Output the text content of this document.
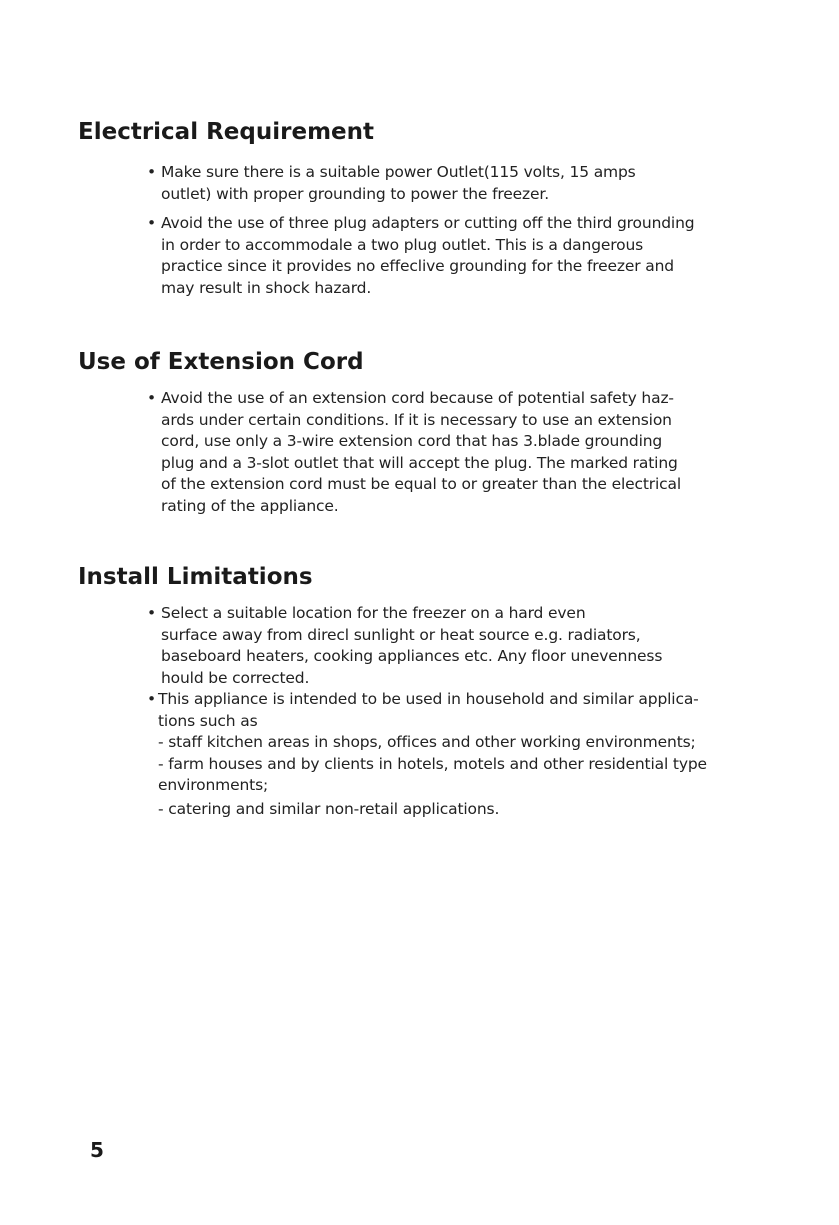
Electrical Requirement
• Make sure there is a suitable power Outlet(115 volts, 15 amps
outlet) with proper grounding to power the freezer.
• Avoid the use of three plug adapters or cutting off the third grounding
in order to accommodale a two plug outlet. This is a dangerous
practice since it provides no effeclive grounding for the freezer and
may result in shock hazard.
Use of Extension Cord
• Avoid the use of an extension cord because of potential safety haz-
ards under certain conditions. If it is necessary to use an extension
cord, use only a 3-wire extension cord that has 3.blade grounding
plug and a 3-slot outlet that will accept the plug. The marked rating
of the extension cord must be equal to or greater than the electrical
rating of the appliance.
Install Limitations
• Select a suitable location for the freezer on a hard even
surface away from direcl sunlight or heat source e.g. radiators,
baseboard heaters, cooking appliances etc. Any floor unevenness
hould be corrected.
• This appliance is intended to be used in household and similar applica-
tions such as
- staff kitchen areas in shops, offices and other working environments;
- farm houses and by clients in hotels, motels and other residential type
environments;
- catering and similar non-retail applications.
5
